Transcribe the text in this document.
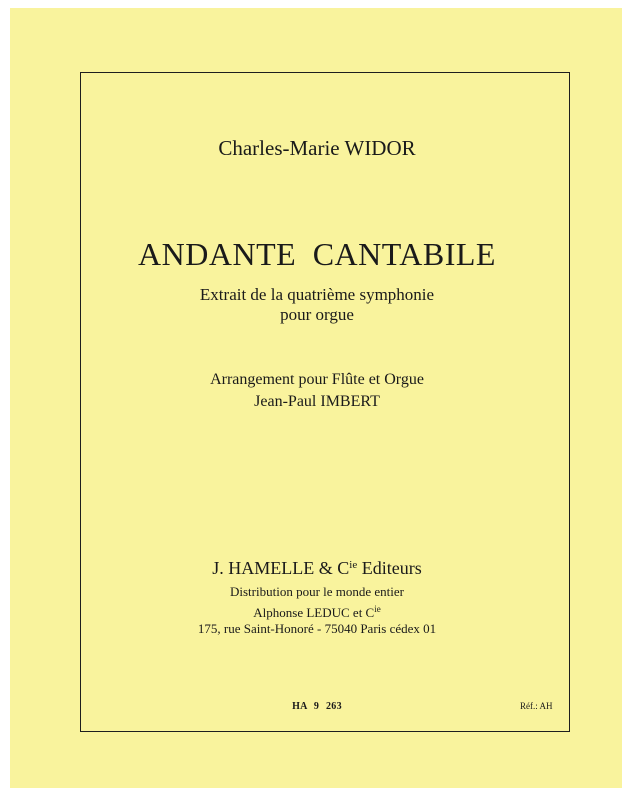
Charles-Marie WIDOR
ANDANTE CANTABILE
Extrait de la quatrième symphonie
pour orgue
Arrangement pour Flûte et Orgue
Jean-Paul IMBERT
J. HAMELLE & $C^{ie}$ Editeurs
Distribution pour le monde entier
Alphonse LEDUC et $C^{ie}$
175, rue Saint-Honoré - 75040 Paris cédex 01
HA 9 263	Réf.: AH
